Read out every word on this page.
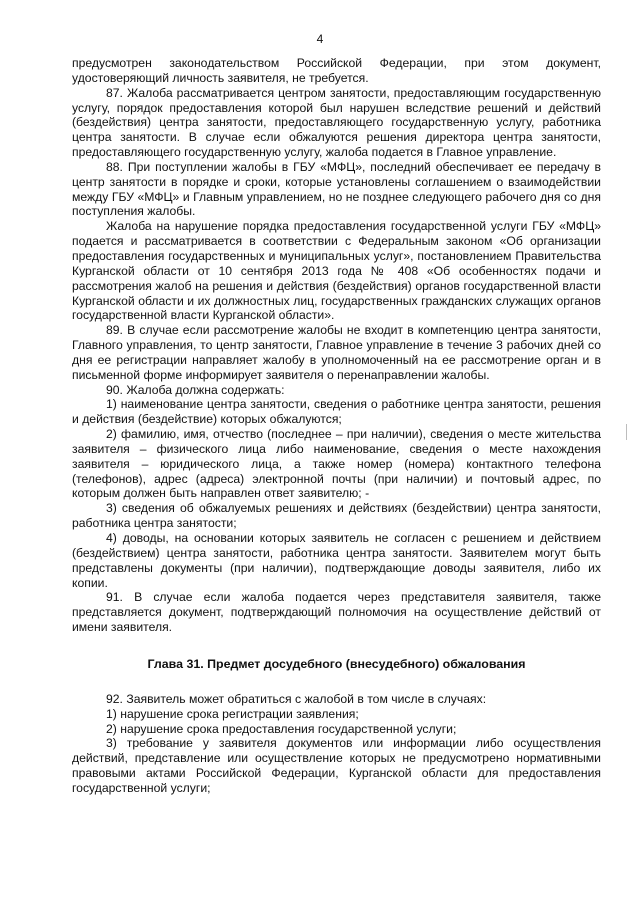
4

предусмотрен законодательством Российской Федерации, при этом документ, удостоверяющий личность заявителя, не требуется.

87. Жалоба рассматривается центром занятости, предоставляющим государственную услугу, порядок предоставления которой был нарушен вследствие решений и действий (бездействия) центра занятости, предоставляющего государственную услугу, работника центра занятости. В случае если обжалуются решения директора центра занятости, предоставляющего государственную услугу, жалоба подается в Главное управление.

88. При поступлении жалобы в ГБУ «МФЦ», последний обеспечивает ее передачу в центр занятости в порядке и сроки, которые установлены соглашением о взаимодействии между ГБУ «МФЦ» и Главным управлением, но не позднее следующего рабочего дня со дня поступления жалобы.

Жалоба на нарушение порядка предоставления государственной услуги ГБУ «МФЦ» подается и рассматривается в соответствии с Федеральным законом «Об организации предоставления государственных и муниципальных услуг», постановлением Правительства Курганской области от 10 сентября 2013 года № 408 «Об особенностях подачи и рассмотрения жалоб на решения и действия (бездействия) органов государственной власти Курганской области и их должностных лиц, государственных гражданских служащих органов государственной власти Курганской области».

89. В случае если рассмотрение жалобы не входит в компетенцию центра занятости, Главного управления, то центр занятости, Главное управление в течение 3 рабочих дней со дня ее регистрации направляет жалобу в уполномоченный на ее рассмотрение орган и в письменной форме информирует заявителя о перенаправлении жалобы.

90. Жалоба должна содержать:

1) наименование центра занятости, сведения о работнике центра занятости, решения и действия (бездействие) которых обжалуются;

2) фамилию, имя, отчество (последнее – при наличии), сведения о месте жительства заявителя – физического лица либо наименование, сведения о месте нахождения заявителя – юридического лица, а также номер (номера) контактного телефона (телефонов), адрес (адреса) электронной почты (при наличии) и почтовый адрес, по которым должен быть направлен ответ заявителю; -

3) сведения об обжалуемых решениях и действиях (бездействии) центра занятости, работника центра занятости;

4) доводы, на основании которых заявитель не согласен с решением и действием (бездействием) центра занятости, работника центра занятости. Заявителем могут быть представлены документы (при наличии), подтверждающие доводы заявителя, либо их копии.

91. В случае если жалоба подается через представителя заявителя, также представляется документ, подтверждающий полномочия на осуществление действий от имени заявителя.

Глава 31. Предмет досудебного (внесудебного) обжалования

92. Заявитель может обратиться с жалобой в том числе в случаях:

1) нарушение срока регистрации заявления;

2) нарушение срока предоставления государственной услуги;

3) требование у заявителя документов или информации либо осуществления действий, представление или осуществление которых не предусмотрено нормативными правовыми актами Российской Федерации, Курганской области для предоставления государственной услуги;
